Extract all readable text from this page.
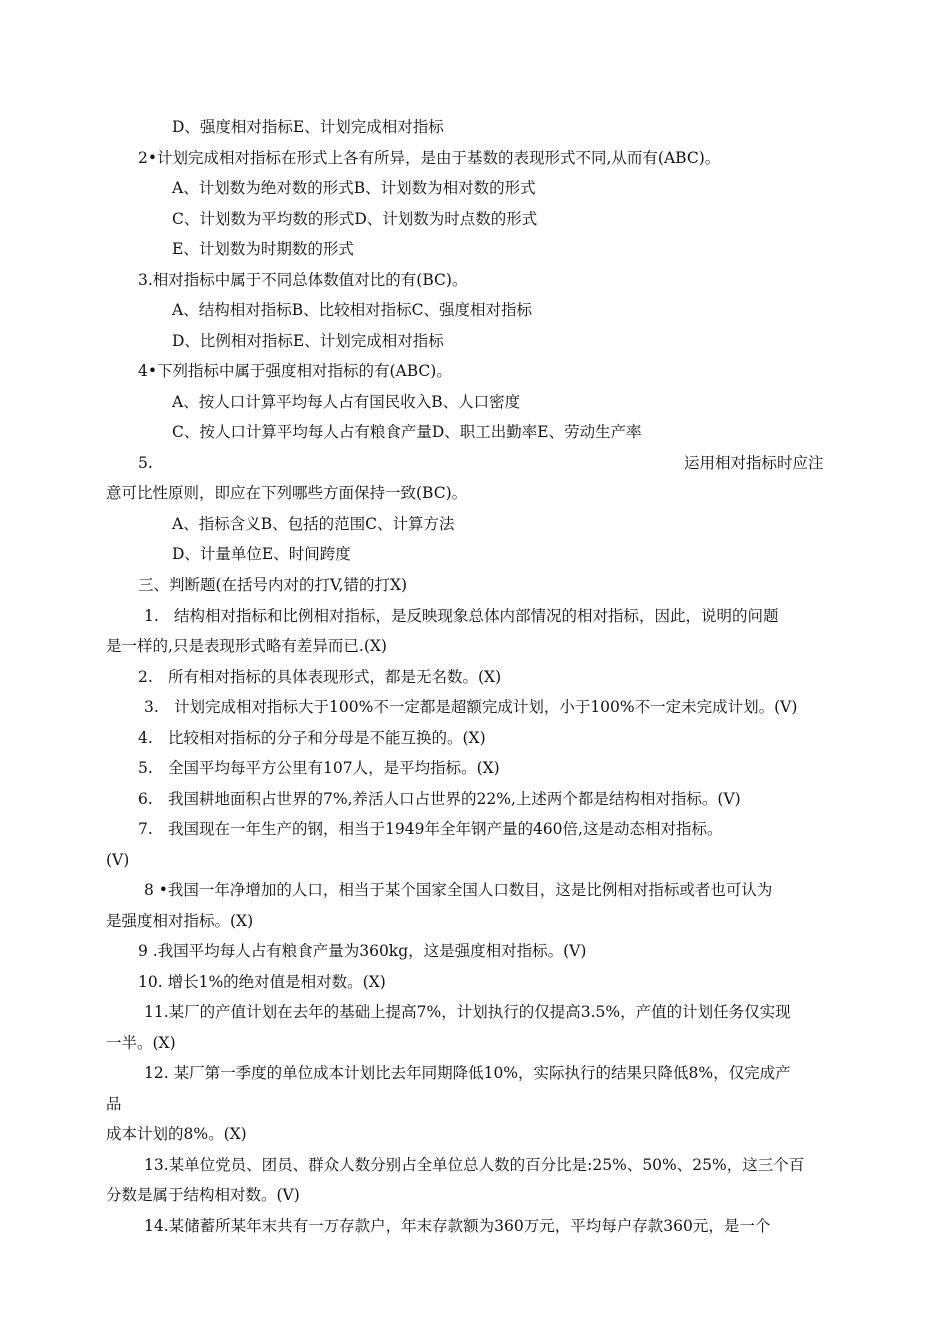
D、强度相对指标E、计划完成相对指标
2•计划完成相对指标在形式上各有所异，是由于基数的表现形式不同,从而有(ABC)。
A、计划数为绝对数的形式B、计划数为相对数的形式
C、计划数为平均数的形式D、计划数为时点数的形式
E、计划数为时期数的形式
3.相对指标中属于不同总体数值对比的有(BC)。
A、结构相对指标B、比较相对指标C、强度相对指标
D、比例相对指标E、计划完成相对指标
4•下列指标中属于强度相对指标的有(ABC)。
A、按人口计算平均每人占有国民收入B、人口密度
C、按人口计算平均每人占有粮食产量D、职工出勤率E、劳动生产率
5.	运用相对指标时应注
意可比性原则，即应在下列哪些方面保持一致(BC)。
A、指标含义B、包括的范围C、计算方法
D、计量单位E、时间跨度
三、判断题(在括号内对的打V,错的打X)
1. 结构相对指标和比例相对指标，是反映现象总体内部情况的相对指标，因此，说明的问题
是一样的,只是表现形式略有差异而已.(X)
2. 所有相对指标的具体表现形式，都是无名数。(X)
3. 计划完成相对指标大于100%不一定都是超额完成计划，小于100%不一定未完成计划。(V)
4. 比较相对指标的分子和分母是不能互换的。(X)
5. 全国平均每平方公里有107人，是平均指标。(X)
6. 我国耕地面积占世界的7%,养活人口占世界的22%,上述两个都是结构相对指标。(V)
7. 我国现在一年生产的钢，相当于1949年全年钢产量的460倍,这是动态相对指标。
(V)
8 •我国一年净增加的人口，相当于某个国家全国人口数目，这是比例相对指标或者也可认为
是强度相对指标。(X)
9 .我国平均每人占有粮食产量为360kg，这是强度相对指标。(V)
10. 增长1%的绝对值是相对数。(X)
11.某厂的产值计划在去年的基础上提高7%，计划执行的仅提高3.5%，产值的计划任务仅实现
一半。(X)
12. 某厂第一季度的单位成本计划比去年同期降低10%，实际执行的结果只降低8%，仅完成产
品
成本计划的8%。(X)
13.某单位党员、团员、群众人数分别占全单位总人数的百分比是:25%、50%、25%，这三个百
分数是属于结构相对数。(V)
14.某储蓄所某年末共有一万存款户，年末存款额为360万元，平均每户存款360元，是一个
